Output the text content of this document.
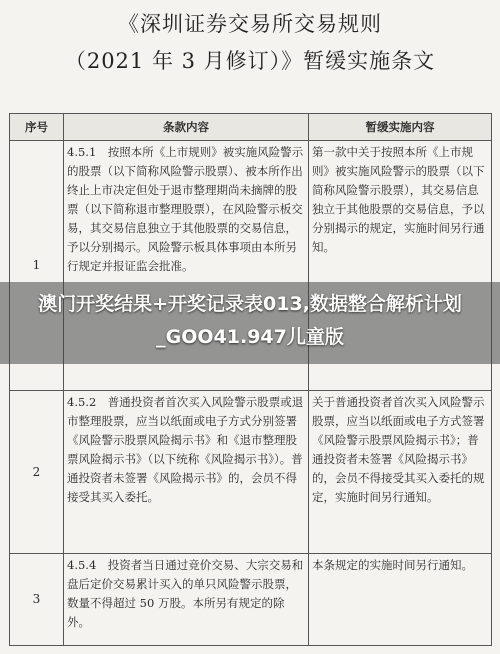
《深圳证券交易所交易规则
（2021 年 3 月修订）》暂缓实施条文
序号	条款内容	暂缓实施内容
1	4.5.1　按照本所《上市规则》被实施风险警示的股票（以下简称风险警示股票）、被本所作出终止上市决定但处于退市整理期尚未摘牌的股票（以下简称退市整理股票），在风险警示板交易，其交易信息独立于其他股票的交易信息，予以分别揭示。风险警示板具体事项由本所另行规定并报证监会批准。	第一款中关于按照本所《上市规则》被实施风险警示的股票（以下简称风险警示股票），其交易信息独立于其他股票的交易信息，予以分别揭示的规定，实施时间另行通知。

2	4.5.2　普通投资者首次买入风险警示股票或退市整理股票，应当以纸面或电子方式分别签署《风险警示股票风险揭示书》和《退市整理股票风险揭示书》（以下统称《风险揭示书》）。普通投资者未签署《风险揭示书》的，会员不得接受其买入委托。	关于普通投资者首次买入风险警示股票，应当以纸面或电子方式签署《风险警示股票风险揭示书》；普通投资者未签署《风险揭示书》的，会员不得接受其买入委托的规定，实施时间另行通知。

3	4.5.4　投资者当日通过竞价交易、大宗交易和盘后定价交易累计买入的单只风险警示股票，数量不得超过 50 万股。本所另有规定的除外。	本条规定的实施时间另行通知。
澳门开奖结果+开奖记录表013,数据整合解析计划_GOO41.947儿童版
